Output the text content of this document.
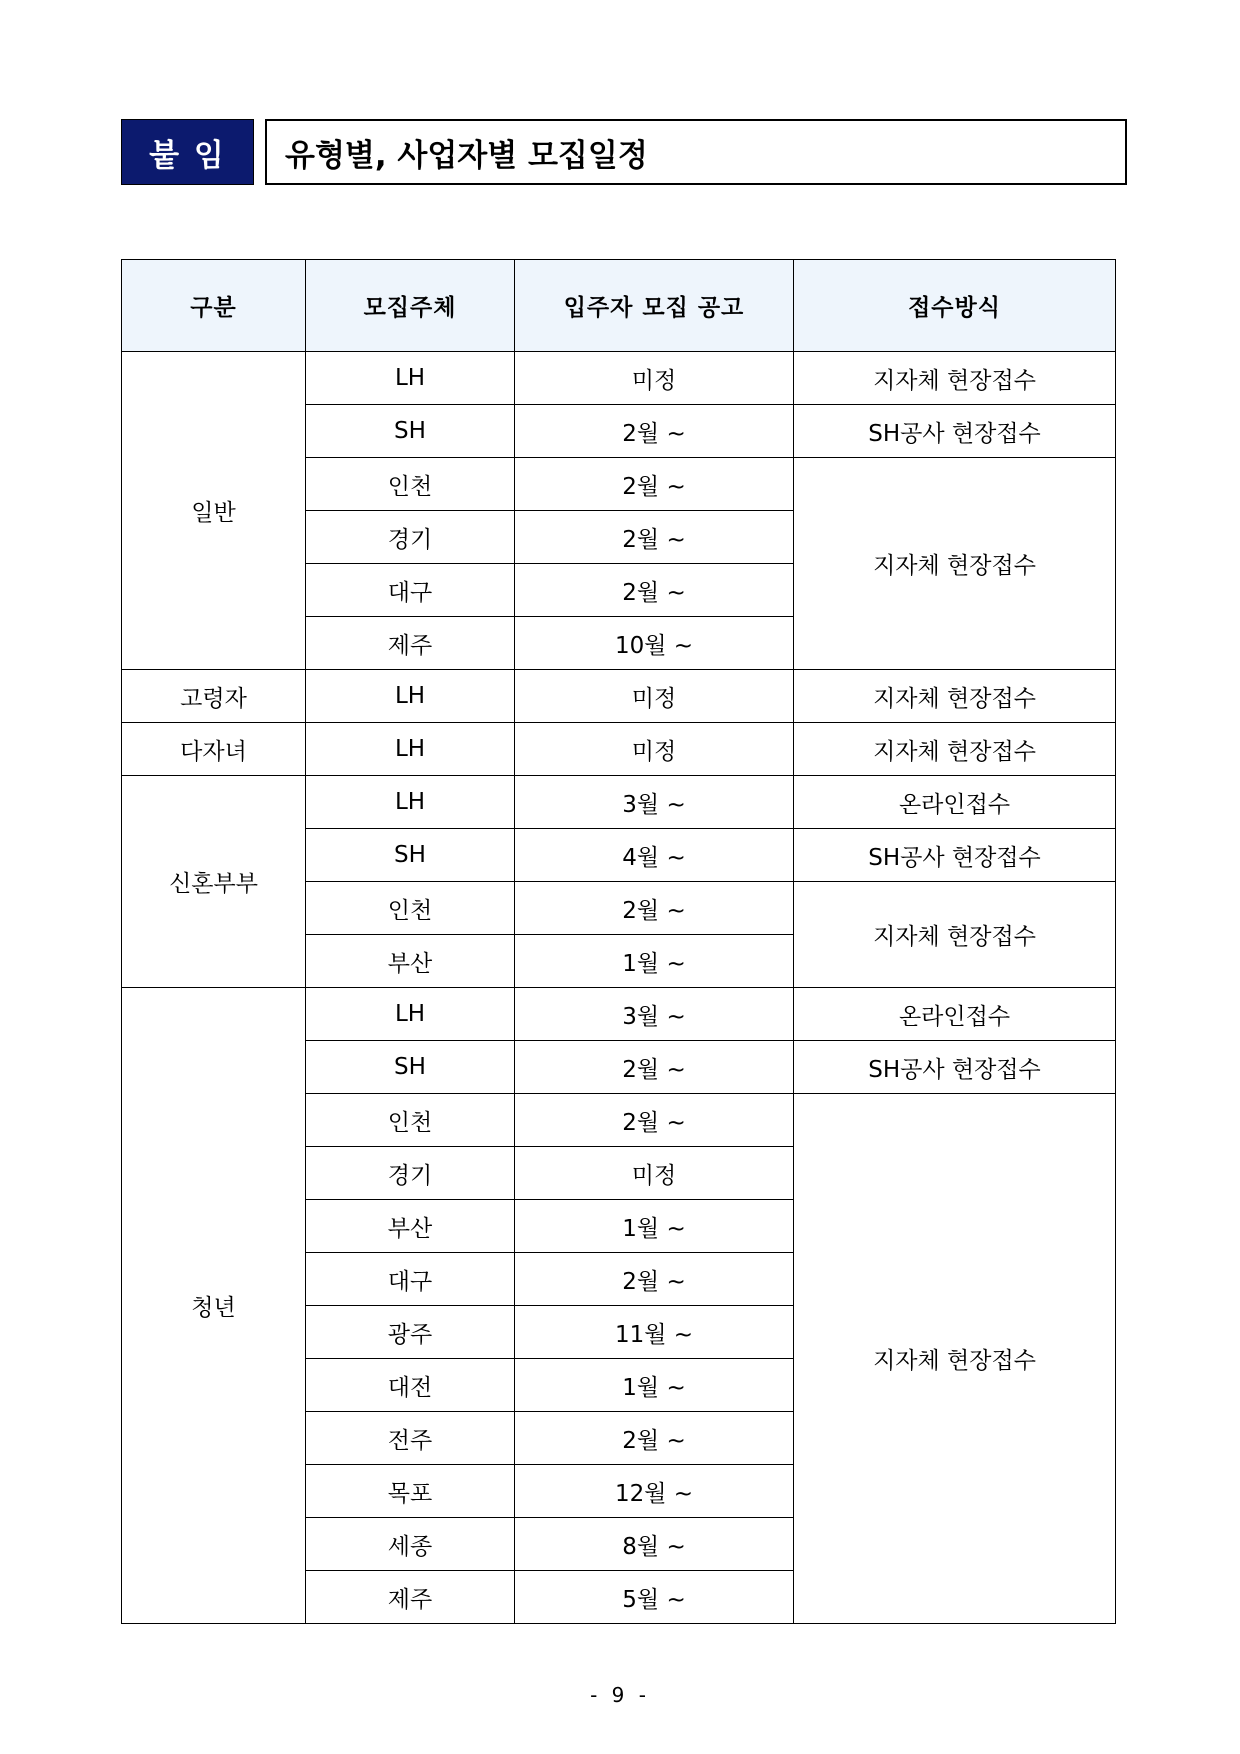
붙 임	유형별, 사업자별 모집일정
구분	모집주체	입주자 모집 공고	접수방식
일반	LH	미정	지자체 현장접수
	SH	2월 ~	SH공사 현장접수
	인천	2월 ~	지자체 현장접수
	경기	2월 ~	
	대구	2월 ~	
	제주	10월 ~	
고령자	LH	미정	지자체 현장접수
다자녀	LH	미정	지자체 현장접수
신혼부부	LH	3월 ~	온라인접수
	SH	4월 ~	SH공사 현장접수
	인천	2월 ~	지자체 현장접수
	부산	1월 ~	
청년	LH	3월 ~	온라인접수
	SH	2월 ~	SH공사 현장접수
	인천	2월 ~	지자체 현장접수
	경기	미정	
	부산	1월 ~	
	대구	2월 ~	
	광주	11월 ~	
	대전	1월 ~	
	전주	2월 ~	
	목포	12월 ~	
	세종	8월 ~	
	제주	5월 ~	
- 9 -
